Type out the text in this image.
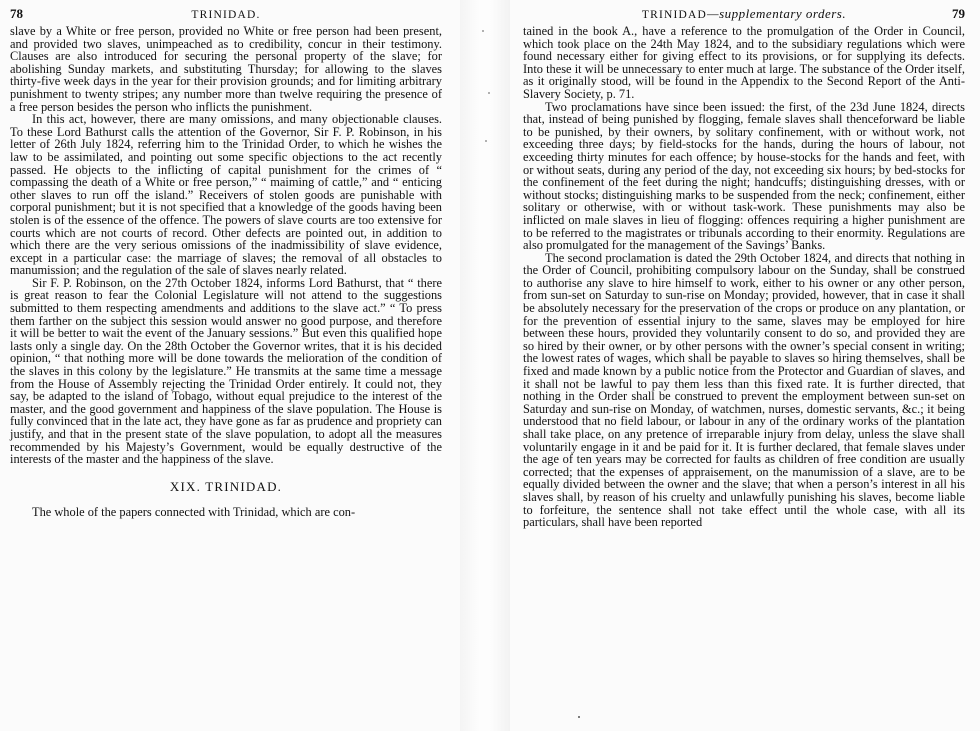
78	TRINIDAD.

slave by a White or free person, provided no White or free person had been present, and provided two slaves, unimpeached as to credibility, concur in their testimony. Clauses are also introduced for securing the personal property of the slave; for abolishing Sunday markets, and substituting Thursday; for allowing to the slaves thirty-five week days in the year for their provision grounds; and for limiting arbitrary punishment to twenty stripes; any number more than twelve requiring the presence of a free person besides the person who inflicts the punishment.

In this act, however, there are many omissions, and many objectionable clauses. To these Lord Bathurst calls the attention of the Governor, Sir F. P. Robinson, in his letter of 26th July 1824, referring him to the Trinidad Order, to which he wishes the law to be assimilated, and pointing out some specific objections to the act recently passed. He objects to the inflicting of capital punishment for the crimes of “ compassing the death of a White or free person,” “ maiming of cattle,” and “ enticing other slaves to run off the island.” Receivers of stolen goods are punishable with corporal punishment; but it is not specified that a knowledge of the goods having been stolen is of the essence of the offence. The powers of slave courts are too extensive for courts which are not courts of record. Other defects are pointed out, in addition to which there are the very serious omissions of the inadmissibility of slave evidence, except in a particular case: the marriage of slaves; the removal of all obstacles to manumission; and the regulation of the sale of slaves nearly related.

Sir F. P. Robinson, on the 27th October 1824, informs Lord Bathurst, that “ there is great reason to fear the Colonial Legislature will not attend to the suggestions submitted to them respecting amendments and additions to the slave act.” “ To press them farther on the subject this session would answer no good purpose, and therefore it will be better to wait the event of the January sessions.” But even this qualified hope lasts only a single day. On the 28th October the Governor writes, that it is his decided opinion, “ that nothing more will be done towards the melioration of the condition of the slaves in this colony by the legislature.” He transmits at the same time a message from the House of Assembly rejecting the Trinidad Order entirely. It could not, they say, be adapted to the island of Tobago, without equal prejudice to the interest of the master, and the good government and happiness of the slave population. The House is fully convinced that in the late act, they have gone as far as prudence and propriety can justify, and that in the present state of the slave population, to adopt all the measures recommended by his Majesty’s Government, would be equally destructive of the interests of the master and the happiness of the slave.

XIX. TRINIDAD.

The whole of the papers connected with Trinidad, which are con-

TRINIDAD—supplementary orders.	79

tained in the book A., have a reference to the promulgation of the Order in Council, which took place on the 24th May 1824, and to the subsidiary regulations which were found necessary either for giving effect to its provisions, or for supplying its defects. Into these it will be unnecessary to enter much at large. The substance of the Order itself, as it originally stood, will be found in the Appendix to the Second Report of the Anti-Slavery Society, p. 71.

Two proclamations have since been issued: the first, of the 23d June 1824, directs that, instead of being punished by flogging, female slaves shall thenceforward be liable to be punished, by their owners, by solitary confinement, with or without work, not exceeding three days; by field-stocks for the hands, during the hours of labour, not exceeding thirty minutes for each offence; by house-stocks for the hands and feet, with or without seats, during any period of the day, not exceeding six hours; by bed-stocks for the confinement of the feet during the night; handcuffs; distinguishing dresses, with or without stocks; distinguishing marks to be suspended from the neck; confinement, either solitary or otherwise, with or without task-work. These punishments may also be inflicted on male slaves in lieu of flogging: offences requiring a higher punishment are to be referred to the magistrates or tribunals according to their enormity. Regulations are also promulgated for the management of the Savings’ Banks.

The second proclamation is dated the 29th October 1824, and directs that nothing in the Order of Council, prohibiting compulsory labour on the Sunday, shall be construed to authorise any slave to hire himself to work, either to his owner or any other person, from sun-set on Saturday to sun-rise on Monday; provided, however, that in case it shall be absolutely necessary for the preservation of the crops or produce on any plantation, or for the prevention of essential injury to the same, slaves may be employed for hire between these hours, provided they voluntarily consent to do so, and provided they are so hired by their owner, or by other persons with the owner’s special consent in writing; the lowest rates of wages, which shall be payable to slaves so hiring themselves, shall be fixed and made known by a public notice from the Protector and Guardian of slaves, and it shall not be lawful to pay them less than this fixed rate. It is further directed, that nothing in the Order shall be construed to prevent the employment between sun-set on Saturday and sun-rise on Monday, of watchmen, nurses, domestic servants, &c.; it being understood that no field labour, or labour in any of the ordinary works of the plantation shall take place, on any pretence of irreparable injury from delay, unless the slave shall voluntarily engage in it and be paid for it. It is further declared, that female slaves under the age of ten years may be corrected for faults as children of free condition are usually corrected; that the expenses of appraisement, on the manumission of a slave, are to be equally divided between the owner and the slave; that when a person’s interest in all his slaves shall, by reason of his cruelty and unlawfully punishing his slaves, become liable to forfeiture, the sentence shall not take effect until the whole case, with all its particulars, shall have been reported
